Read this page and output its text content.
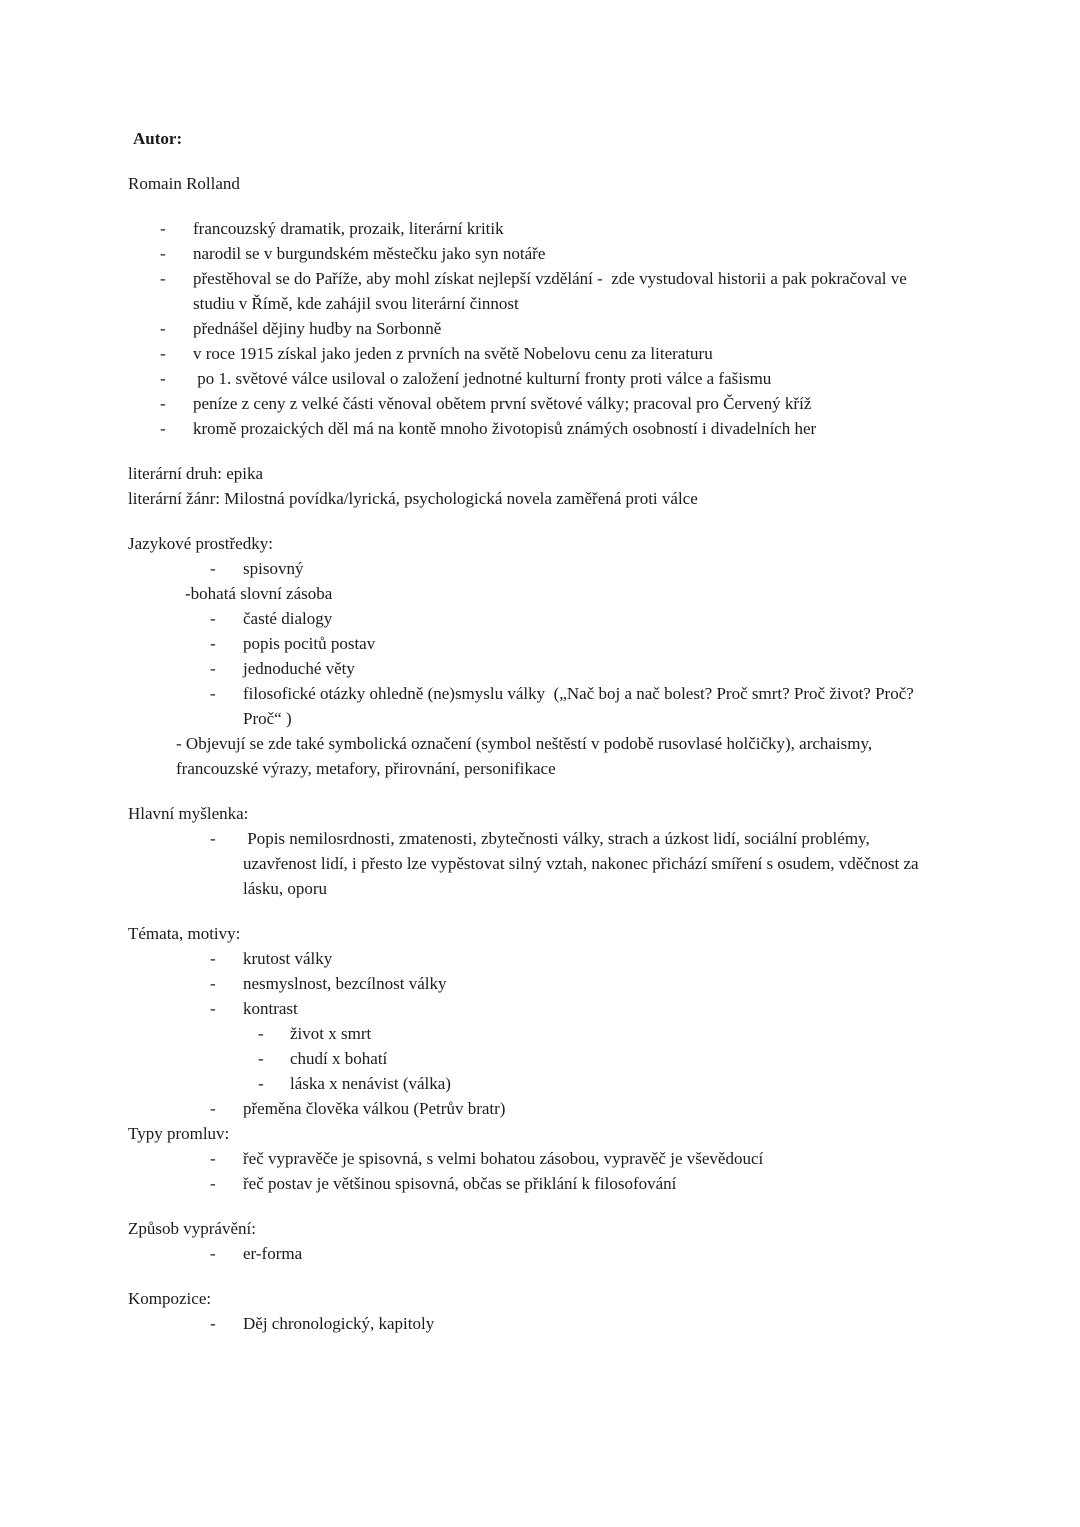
Autor:
Romain Rolland
-	francouzský dramatik, prozaik, literární kritik
-	narodil se v burgundském městečku jako syn notáře
-	přestěhoval se do Paříže, aby mohl získat nejlepší vzdělání -  zde vystudoval historii a pak pokračoval ve studiu v Římě, kde zahájil svou literární činnost
-	přednášel dějiny hudby na Sorbonně
-	v roce 1915 získal jako jeden z prvních na světě Nobelovu cenu za literaturu
-	po 1. světové válce usiloval o založení jednotné kulturní fronty proti válce a fašismu
-	peníze z ceny z velké části věnoval obětem první světové války; pracoval pro Červený kříž
-	kromě prozaických děl má na kontě mnoho životopisů známých osobností i divadelních her
literární druh: epika
literární žánr: Milostná povídka/lyrická, psychologická novela zaměřená proti válce
Jazykové prostředky:
-	spisovný
-bohatá slovní zásoba
-	časté dialogy
-	popis pocitů postav
-	jednoduché věty
-	filosofické otázky ohledně (ne)smyslu války  („Nač boj a nač bolest? Proč smrt? Proč život? Proč? Proč“ )
- Objevují se zde také symbolická označení (symbol neštěstí v podobě rusovlasé holčičky), archaismy, francouzské výrazy, metafory, přirovnání, personifikace
Hlavní myšlenka:
-	Popis nemilosrdnosti, zmatenosti, zbytečnosti války, strach a úzkost lidí, sociální problémy, uzavřenost lidí, i přesto lze vypěstovat silný vztah, nakonec přichází smíření s osudem, vděčnost za lásku, oporu
Témata, motivy:
-	krutost války
-	nesmyslnost, bezcílnost války
-	kontrast
-	život x smrt
-	chudí x bohatí
-	láska x nenávist (válka)
-	přeměna člověka válkou (Petrův bratr)
Typy promluv:
-	řeč vypravěče je spisovná, s velmi bohatou zásobou, vypravěč je vševědoucí
-	řeč postav je většinou spisovná, občas se přiklání k filosofování
Způsob vyprávění:
-	er-forma
Kompozice:
-	Děj chronologický, kapitoly
